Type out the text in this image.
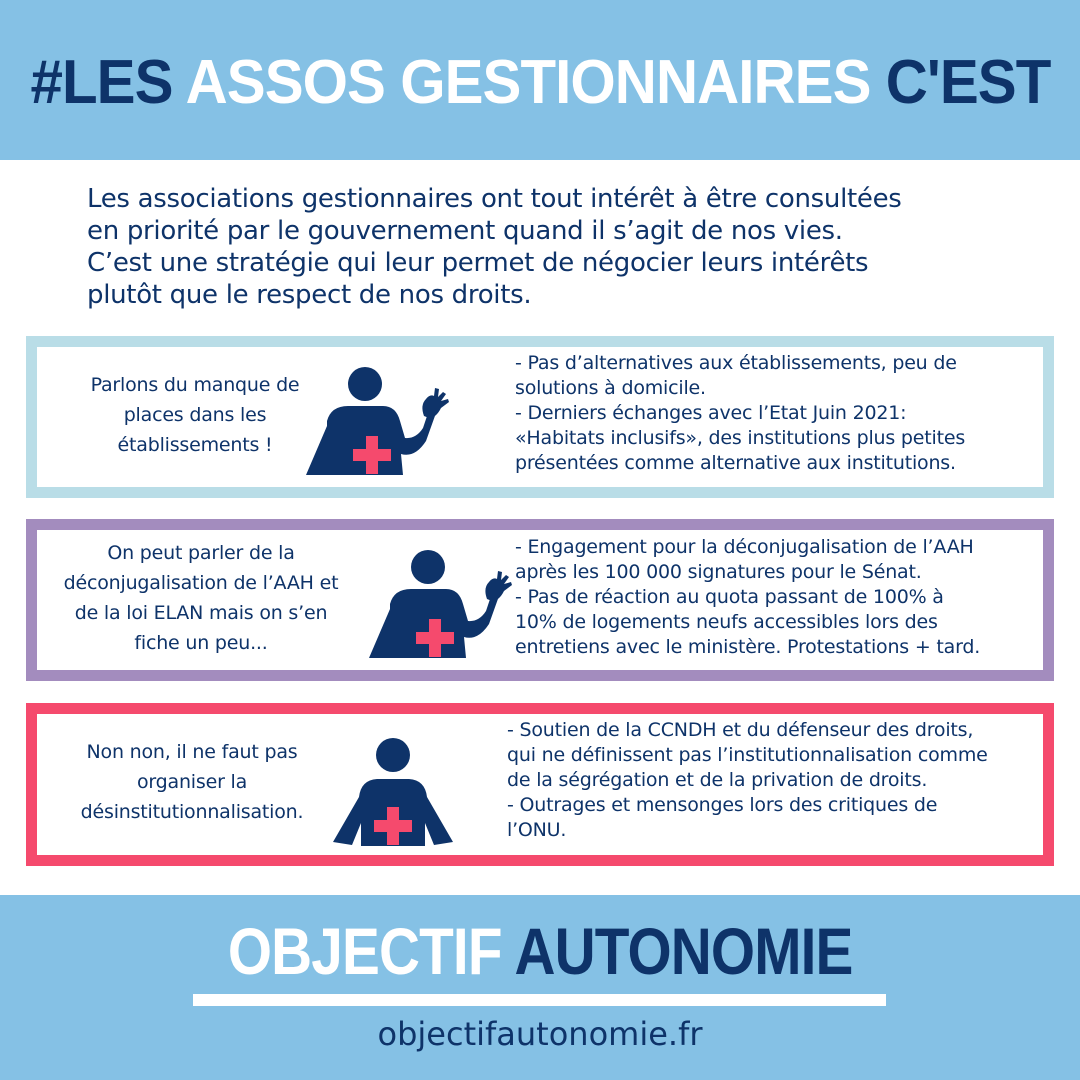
#LES ASSOS GESTIONNAIRES C'EST

Les associations gestionnaires ont tout intérêt à être consultées
en priorité par le gouvernement quand il s’agit de nos vies.
C’est une stratégie qui leur permet de négocier leurs intérêts
plutôt que le respect de nos droits.

Parlons du manque de
places dans les
établissements !

- Pas d’alternatives aux établissements, peu de
solutions à domicile.
- Derniers échanges avec l’Etat Juin 2021:
«Habitats inclusifs», des institutions plus petites
présentées comme alternative aux institutions.

On peut parler de la
déconjugalisation de l’AAH et
de la loi ELAN mais on s’en
fiche un peu...

- Engagement pour la déconjugalisation de l’AAH
après les 100 000 signatures pour le Sénat.
- Pas de réaction au quota passant de 100% à
10% de logements neufs accessibles lors des
entretiens avec le ministère. Protestations + tard.

Non non, il ne faut pas
organiser la
désinstitutionnalisation.

- Soutien de la CCNDH et du défenseur des droits,
qui ne définissent pas l’institutionnalisation comme
de la ségrégation et de la privation de droits.
- Outrages et mensonges lors des critiques de
l’ONU.

OBJECTIF AUTONOMIE

objectifautonomie.fr
